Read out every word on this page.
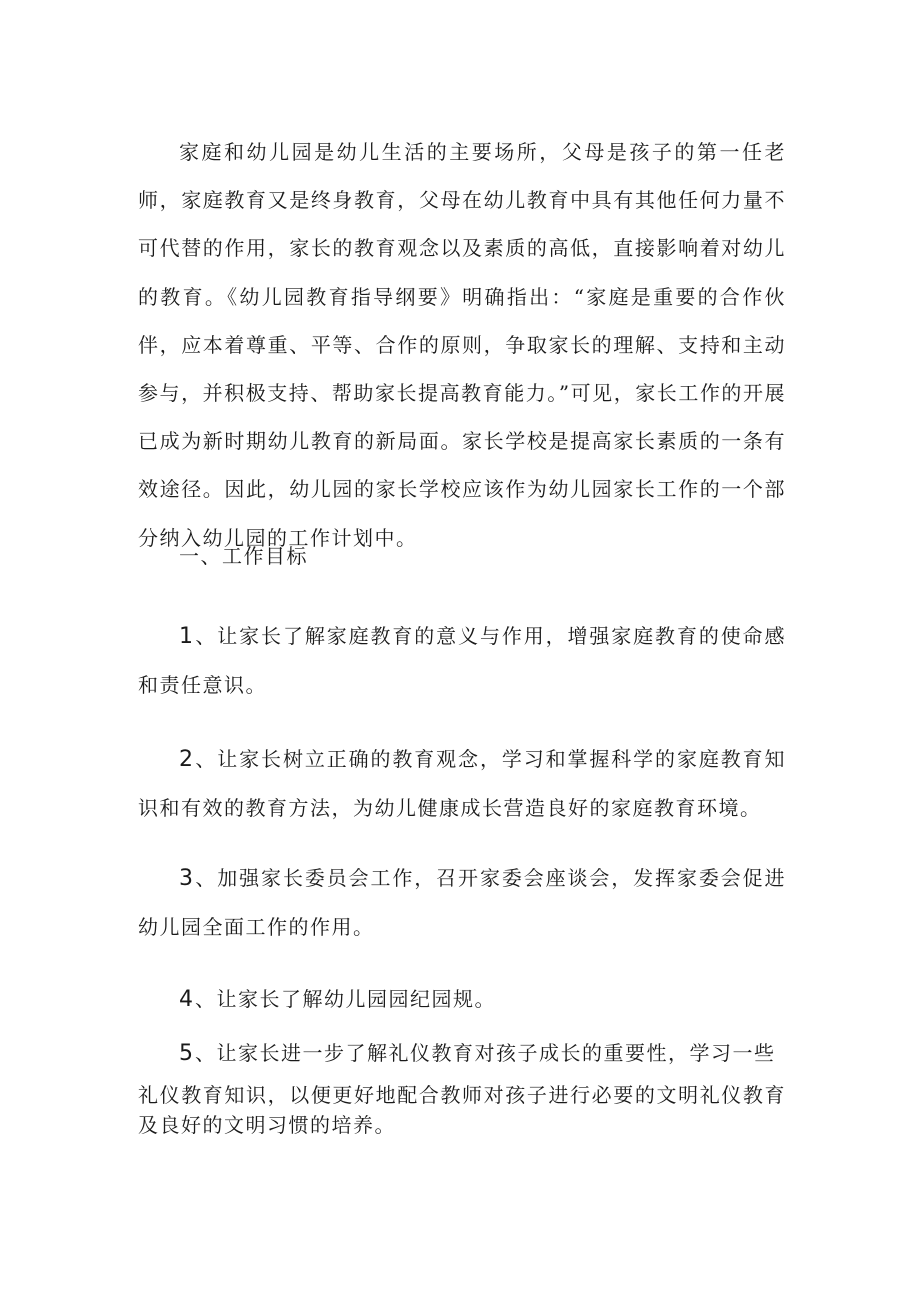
家庭和幼儿园是幼儿生活的主要场所，父母是孩子的第一任老师，家庭教育又是终身教育，父母在幼儿教育中具有其他任何力量不可代替的作用，家长的教育观念以及素质的高低，直接影响着对幼儿的教育。《幼儿园教育指导纲要》明确指出：“家庭是重要的合作伙伴，应本着尊重、平等、合作的原则，争取家长的理解、支持和主动参与，并积极支持、帮助家长提高教育能力。”可见，家长工作的开展已成为新时期幼儿教育的新局面。家长学校是提高家长素质的一条有效途径。因此，幼儿园的家长学校应该作为幼儿园家长工作的一个部分纳入幼儿园的工作计划中。

一、工作目标

1 、让家长了解家庭教育的意义与作用，增强家庭教育的使命感和责任意识。

2 、让家长树立正确的教育观念，学习和掌握科学的家庭教育知识和有效的教育方法，为幼儿健康成长营造良好的家庭教育环境。

3 、加强家长委员会工作，召开家委会座谈会，发挥家委会促进幼儿园全面工作的作用。

4 、让家长了解幼儿园园纪园规。

5 、让家长进一步了解礼仪教育对孩子成长的重要性，学习一些

礼仪教育知识，以便更好地配合教师对孩子进行必要的文明礼仪教育及良好的文明习惯的培养。
